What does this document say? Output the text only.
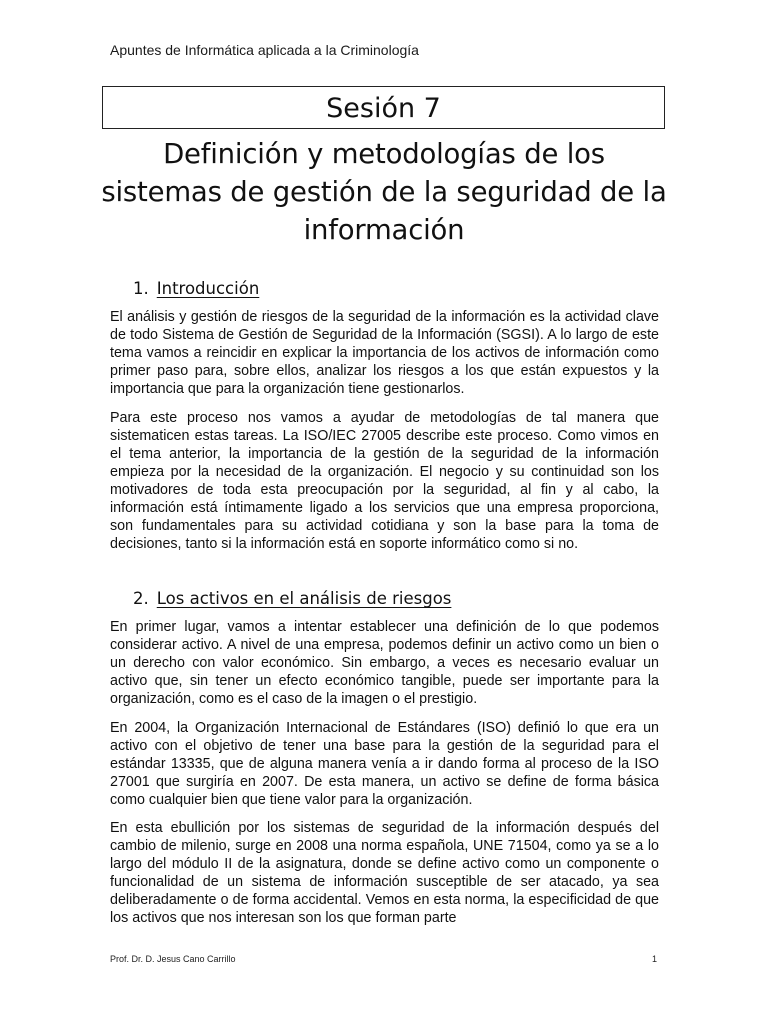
Apuntes de Informática aplicada a la Criminología
Sesión 7
Definición y metodologías de los sistemas de gestión de la seguridad de la información
1. Introducción

El análisis y gestión de riesgos de la seguridad de la información es la actividad clave de todo Sistema de Gestión de Seguridad de la Información (SGSI). A lo largo de este tema vamos a reincidir en explicar la importancia de los activos de información como primer paso para, sobre ellos, analizar los riesgos a los que están expuestos y la importancia que para la organización tiene gestionarlos.

Para este proceso nos vamos a ayudar de metodologías de tal manera que sistematicen estas tareas. La ISO/IEC 27005 describe este proceso. Como vimos en el tema anterior, la importancia de la gestión de la seguridad de la información empieza por la necesidad de la organización. El negocio y su continuidad son los motivadores de toda esta preocupación por la seguridad, al fin y al cabo, la información está íntimamente ligado a los servicios que una empresa proporciona, son fundamentales para su actividad cotidiana y son la base para la toma de decisiones, tanto si la información está en soporte informático como si no.

2. Los activos en el análisis de riesgos

En primer lugar, vamos a intentar establecer una definición de lo que podemos considerar activo. A nivel de una empresa, podemos definir un activo como un bien o un derecho con valor económico. Sin embargo, a veces es necesario evaluar un activo que, sin tener un efecto económico tangible, puede ser importante para la organización, como es el caso de la imagen o el prestigio.

En 2004, la Organización Internacional de Estándares (ISO) definió lo que era un activo con el objetivo de tener una base para la gestión de la seguridad para el estándar 13335, que de alguna manera venía a ir dando forma al proceso de la ISO 27001 que surgiría en 2007. De esta manera, un activo se define de forma básica como cualquier bien que tiene valor para la organización.

En esta ebullición por los sistemas de seguridad de la información después del cambio de milenio, surge en 2008 una norma española, UNE 71504, como ya se a lo largo del módulo II de la asignatura, donde se define activo como un componente o funcionalidad de un sistema de información susceptible de ser atacado, ya sea deliberadamente o de forma accidental. Vemos en esta norma, la especificidad de que los activos que nos interesan son los que forman parte

Prof. Dr. D. Jesus Cano Carrillo	1
